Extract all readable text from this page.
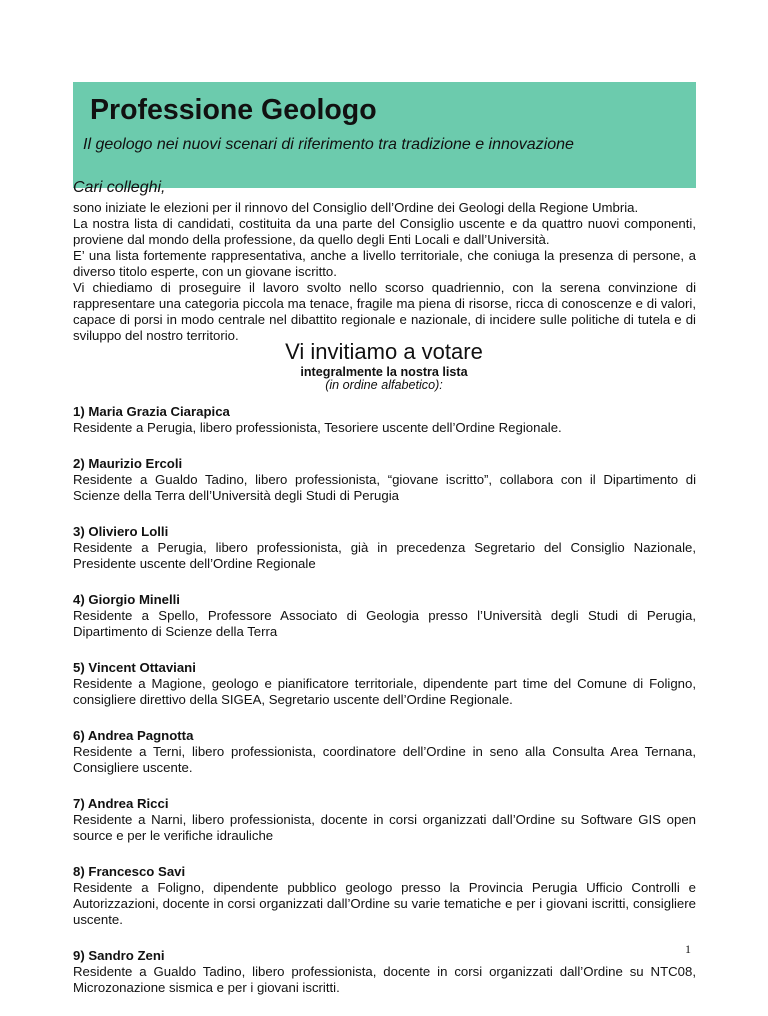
Professione Geologo
Il geologo nei nuovi scenari di riferimento tra tradizione e innovazione
Cari colleghi,

sono iniziate le elezioni per il rinnovo del Consiglio dell’Ordine dei Geologi della Regione Umbria.

La nostra lista di candidati, costituita da una parte del Consiglio uscente e da quattro nuovi componenti, proviene dal mondo della professione, da quello degli Enti Locali e dall’Università.

E’ una lista fortemente rappresentativa, anche a livello territoriale, che coniuga la presenza di persone, a diverso titolo esperte, con un giovane iscritto.

Vi chiediamo di proseguire il lavoro svolto nello scorso quadriennio, con la serena convinzione di rappresentare una categoria piccola ma tenace, fragile ma piena di risorse, ricca di conoscenze e di valori, capace di porsi in modo centrale nel dibattito regionale e nazionale, di incidere sulle politiche di tutela e di sviluppo del nostro territorio.

Vi invitiamo a votare
integralmente la nostra lista
(in ordine alfabetico):
1) Maria Grazia Ciarapica
Residente a Perugia, libero professionista, Tesoriere uscente dell’Ordine Regionale.
2) Maurizio Ercoli
Residente a Gualdo Tadino, libero professionista, “giovane iscritto”, collabora con il Dipartimento di Scienze della Terra dell’Università degli Studi di Perugia
3) Oliviero Lolli
Residente a Perugia, libero professionista, già in precedenza Segretario del Consiglio Nazionale, Presidente uscente dell’Ordine Regionale
4) Giorgio Minelli
Residente a Spello, Professore Associato di Geologia presso l’Università degli Studi di Perugia, Dipartimento di Scienze della Terra
5) Vincent Ottaviani
Residente a Magione, geologo e pianificatore territoriale, dipendente part time del Comune di Foligno, consigliere direttivo della SIGEA, Segretario uscente dell’Ordine Regionale.
6) Andrea Pagnotta
Residente a Terni, libero professionista, coordinatore dell’Ordine in seno alla Consulta Area Ternana, Consigliere uscente.
7) Andrea Ricci
Residente a Narni, libero professionista, docente in corsi organizzati dall’Ordine su Software GIS open source e per le verifiche idrauliche
8) Francesco Savi
Residente a Foligno, dipendente pubblico geologo presso la Provincia Perugia Ufficio Controlli e Autorizzazioni, docente in corsi organizzati dall’Ordine su varie tematiche e per i giovani iscritti, consigliere uscente.
9) Sandro Zeni
Residente a Gualdo Tadino, libero professionista, docente in corsi organizzati dall’Ordine su NTC08, Microzonazione sismica e per i giovani iscritti.
1
